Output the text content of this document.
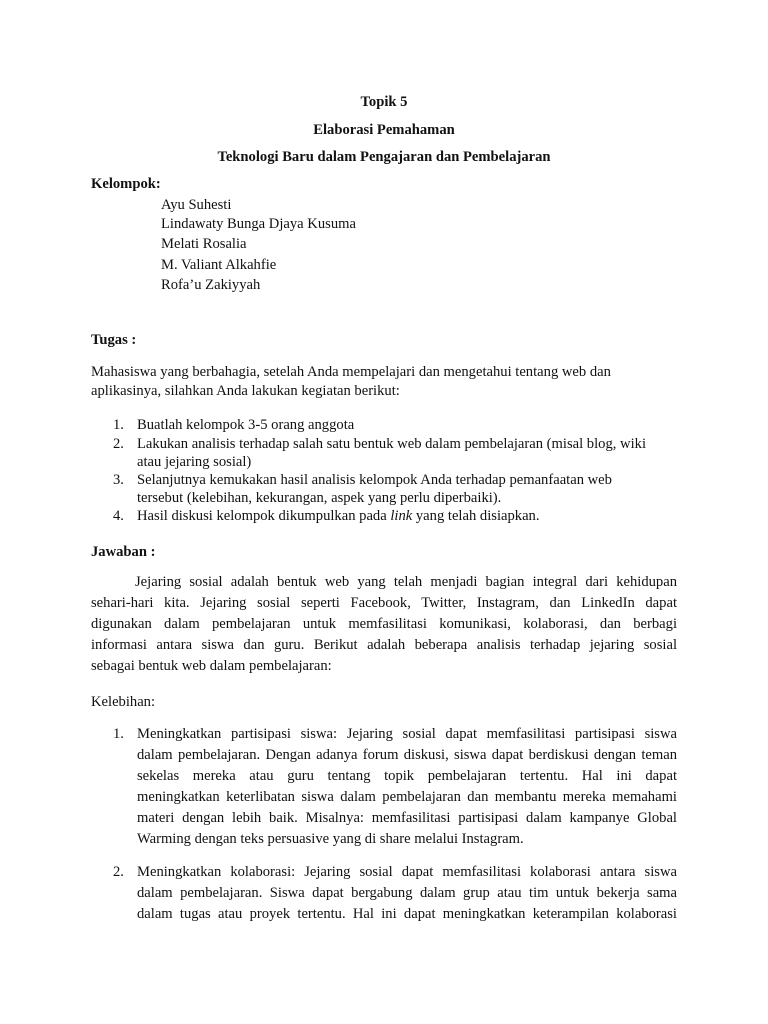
Topik 5
Elaborasi Pemahaman
Teknologi Baru dalam Pengajaran dan Pembelajaran
Kelompok:
Ayu Suhesti
Lindawaty Bunga Djaya Kusuma
Melati Rosalia
M. Valiant Alkahfie
Rofa’u Zakiyyah
Tugas :
Mahasiswa yang berbahagia, setelah Anda mempelajari dan mengetahui tentang web dan
aplikasinya, silahkan Anda lakukan kegiatan berikut:
1. Buatlah kelompok 3-5 orang anggota
2. Lakukan analisis terhadap salah satu bentuk web dalam pembelajaran (misal blog, wiki
atau jejaring sosial)
3. Selanjutnya kemukakan hasil analisis kelompok Anda terhadap pemanfaatan web
tersebut (kelebihan, kekurangan, aspek yang perlu diperbaiki).
4. Hasil diskusi kelompok dikumpulkan pada link yang telah disiapkan.
Jawaban :
Jejaring sosial adalah bentuk web yang telah menjadi bagian integral dari kehidupan
sehari-hari kita. Jejaring sosial seperti Facebook, Twitter, Instagram, dan LinkedIn dapat
digunakan dalam pembelajaran untuk memfasilitasi komunikasi, kolaborasi, dan berbagi
informasi antara siswa dan guru. Berikut adalah beberapa analisis terhadap jejaring sosial
sebagai bentuk web dalam pembelajaran:
Kelebihan:
1. Meningkatkan partisipasi siswa: Jejaring sosial dapat memfasilitasi partisipasi siswa
dalam pembelajaran. Dengan adanya forum diskusi, siswa dapat berdiskusi dengan teman
sekelas mereka atau guru tentang topik pembelajaran tertentu. Hal ini dapat
meningkatkan keterlibatan siswa dalam pembelajaran dan membantu mereka memahami
materi dengan lebih baik. Misalnya: memfasilitasi partisipasi dalam kampanye Global
Warming dengan teks persuasive yang di share melalui Instagram.
2. Meningkatkan kolaborasi: Jejaring sosial dapat memfasilitasi kolaborasi antara siswa
dalam pembelajaran. Siswa dapat bergabung dalam grup atau tim untuk bekerja sama
dalam tugas atau proyek tertentu. Hal ini dapat meningkatkan keterampilan kolaborasi
